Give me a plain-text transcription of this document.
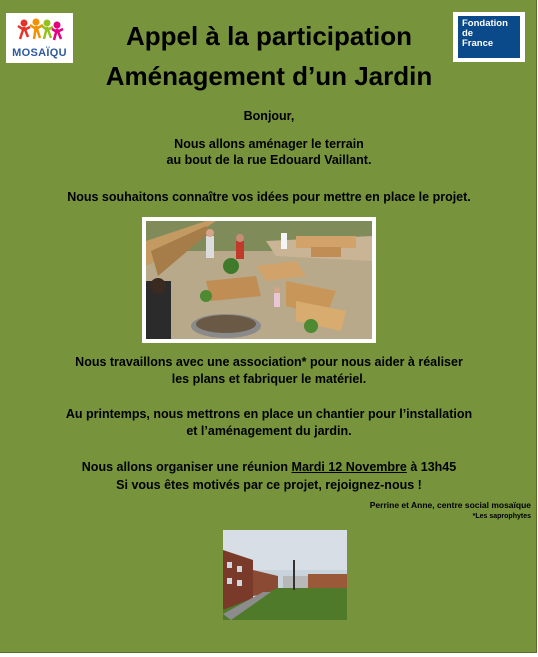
MOSAÏQU
Fondation
de
France
Appel à la participation
Aménagement d’un Jardin
Bonjour,
Nous allons aménager le terrain
au bout de la rue Edouard Vaillant.
Nous souhaitons connaître vos idées pour mettre en place le projet.
Nous travaillons avec une association* pour nous aider à réaliser
les plans et fabriquer le matériel.
Au printemps, nous mettrons en place un chantier pour l’installation
et l’aménagement du jardin.
Nous allons organiser une réunion Mardi 12 Novembre à 13h45
Si vous êtes motivés par ce projet, rejoignez-nous !
Perrine et Anne, centre social mosaïque
*Les saprophytes
